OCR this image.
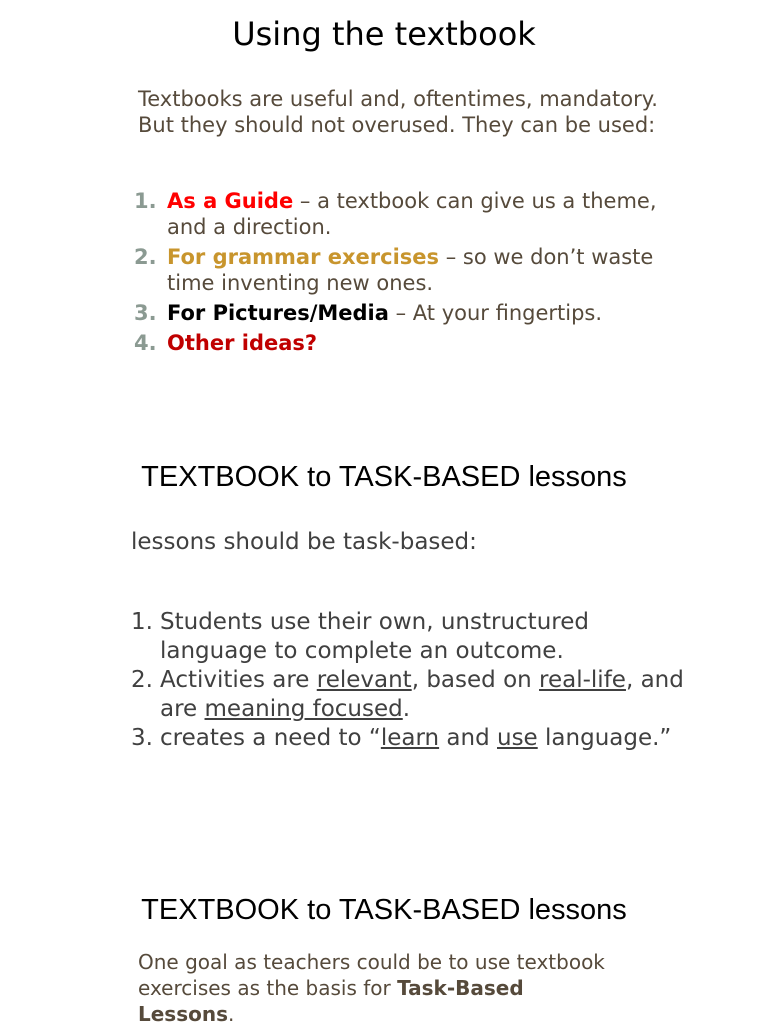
Using the textbook
Textbooks are useful and, oftentimes, mandatory. But they should not overused. They can be used:
1. As a Guide – a textbook can give us a theme, and a direction.
2. For grammar exercises – so we don’t waste time inventing new ones.
3. For Pictures/Media – At your fingertips.
4. Other ideas?
TEXTBOOK to TASK-BASED lessons
lessons should be task-based:
1. Students use their own, unstructured language to complete an outcome.
2. Activities are relevant, based on real-life, and are meaning focused.
3. creates a need to “learn and use language.”
TEXTBOOK to TASK-BASED lessons
One goal as teachers could be to use textbook exercises as the basis for Task-Based Lessons.
